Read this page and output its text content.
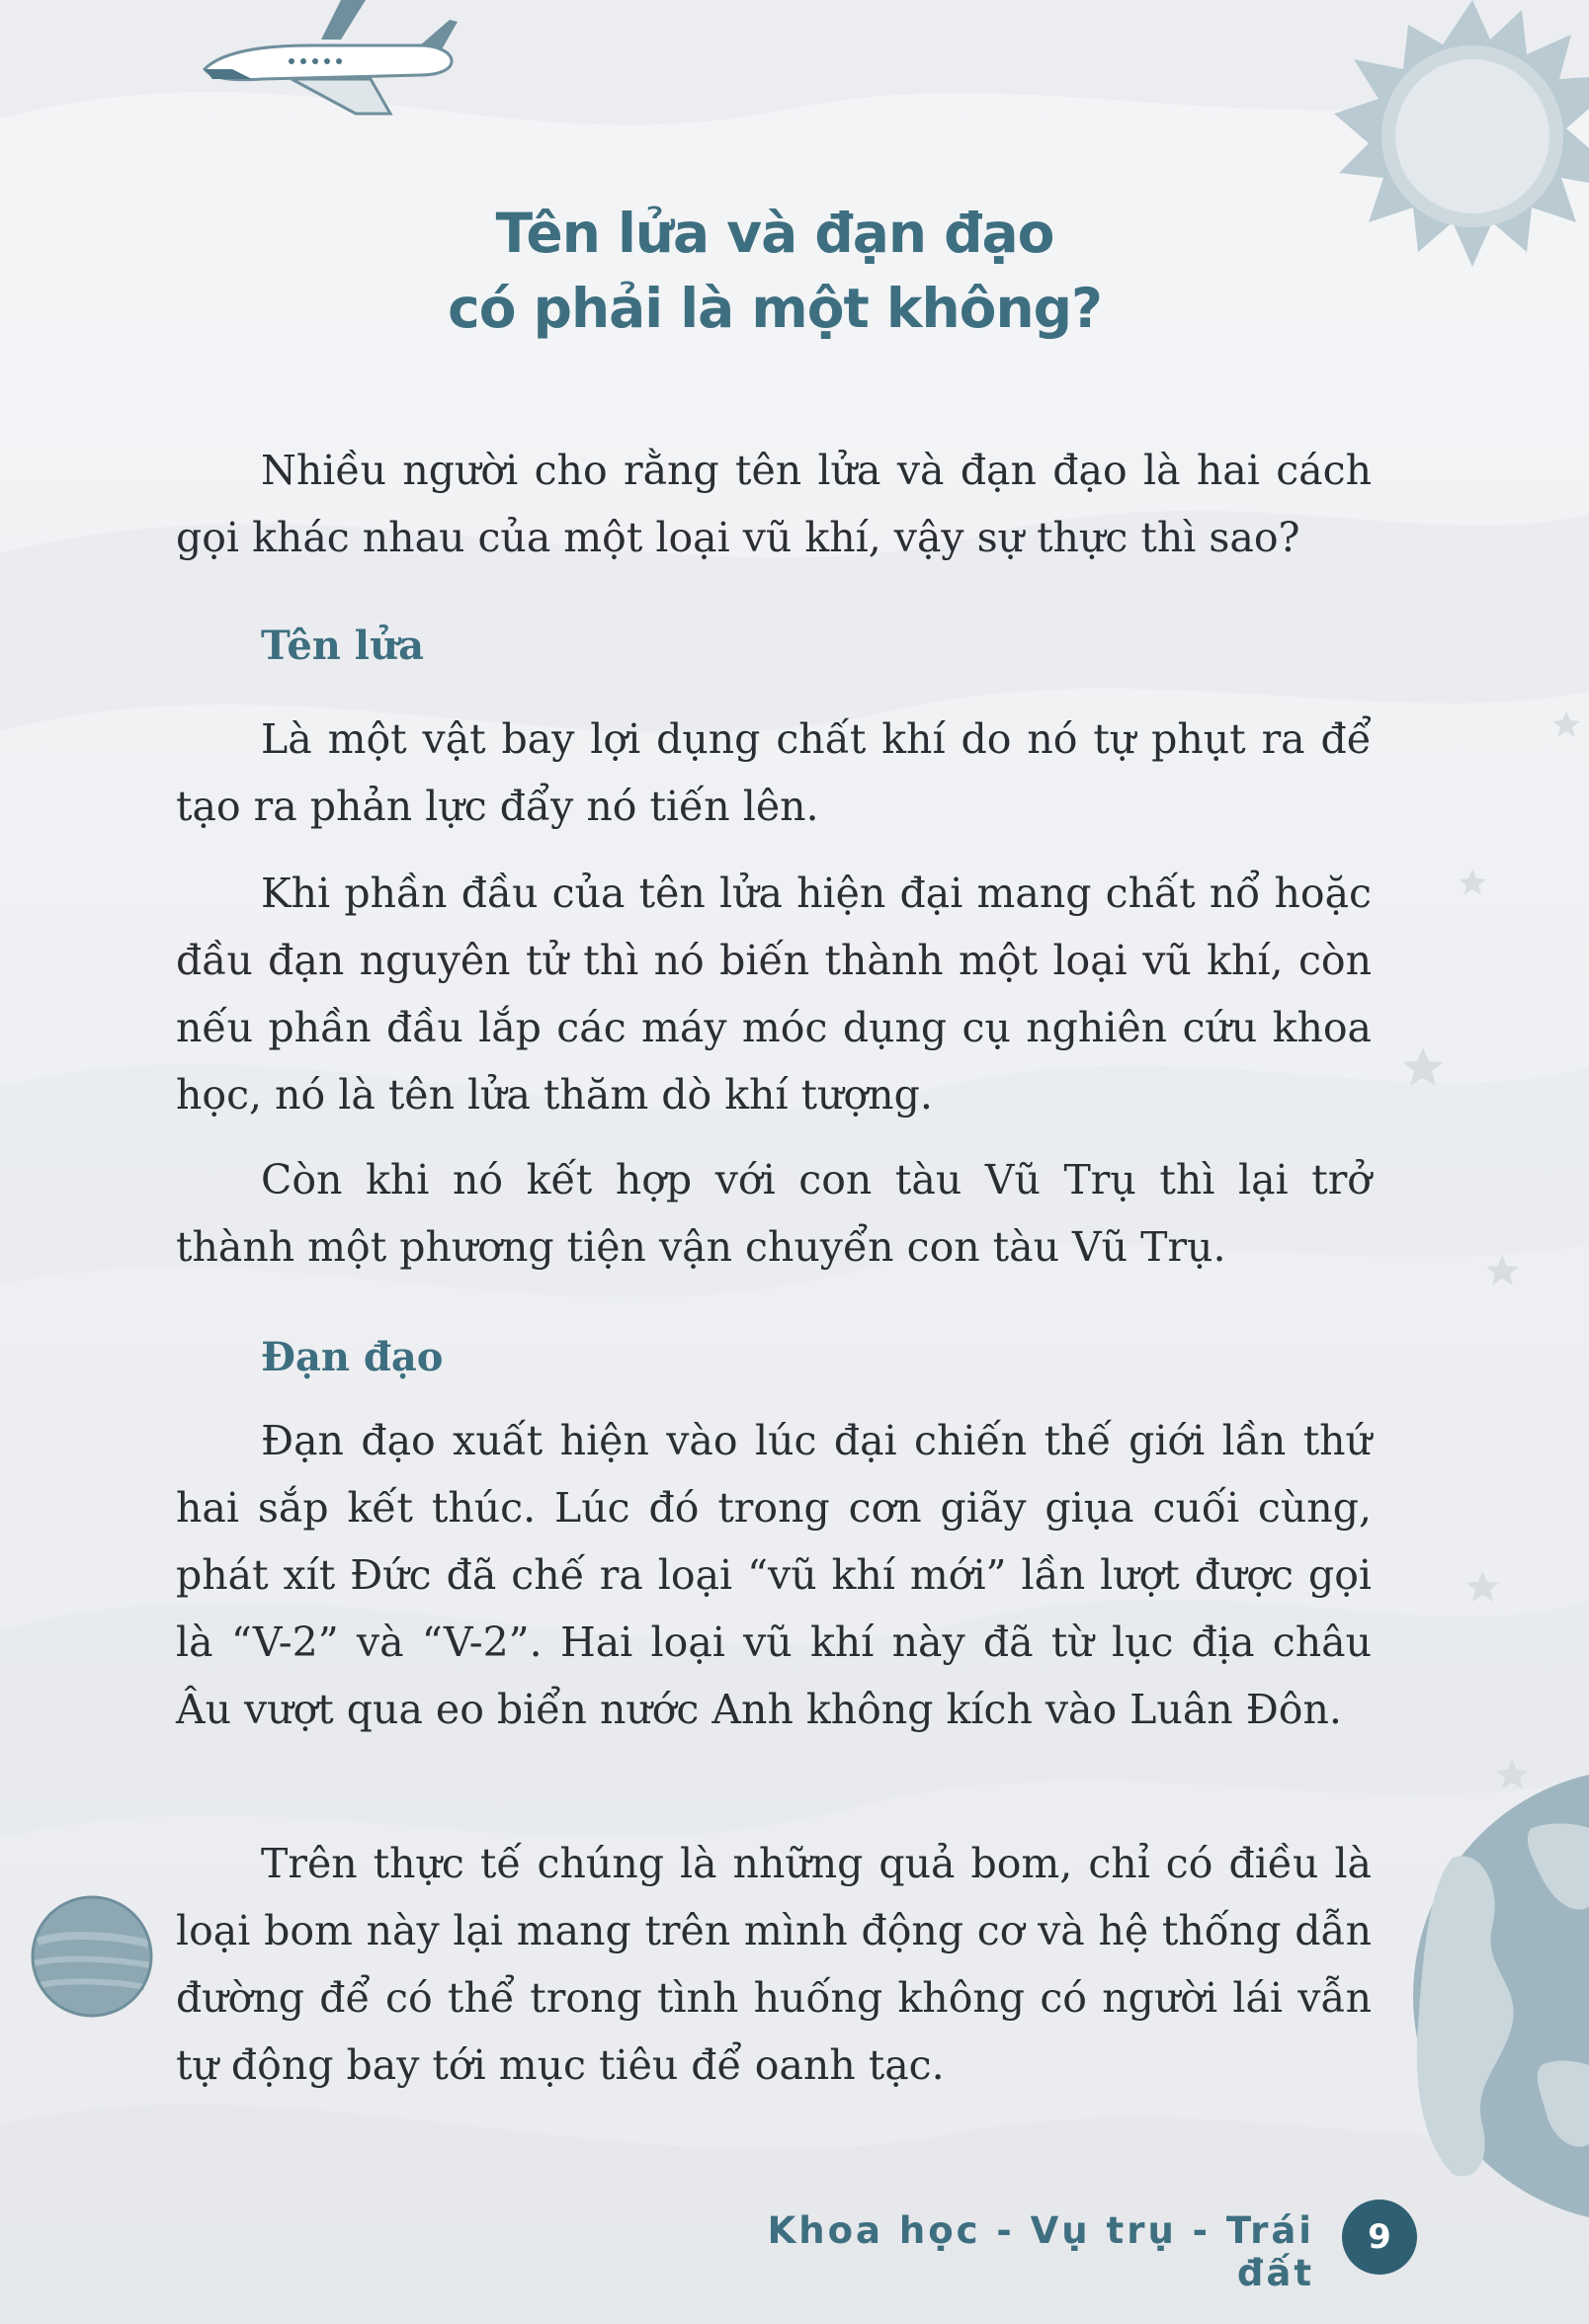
Tên lửa và đạn đạo
có phải là một không?

Nhiều người cho rằng tên lửa và đạn đạo là hai cách gọi khác nhau của một loại vũ khí, vậy sự thực thì sao?

Tên lửa

Là một vật bay lợi dụng chất khí do nó tự phụt ra để tạo ra phản lực đẩy nó tiến lên.

Khi phần đầu của tên lửa hiện đại mang chất nổ hoặc đầu đạn nguyên tử thì nó biến thành một loại vũ khí, còn nếu phần đầu lắp các máy móc dụng cụ nghiên cứu khoa học, nó là tên lửa thăm dò khí tượng.

Còn khi nó kết hợp với con tàu Vũ Trụ thì lại trở thành một phương tiện vận chuyển con tàu Vũ Trụ.

Đạn đạo

Đạn đạo xuất hiện vào lúc đại chiến thế giới lần thứ hai sắp kết thúc. Lúc đó trong cơn giãy giụa cuối cùng, phát xít Đức đã chế ra loại “vũ khí mới” lần lượt được gọi là “V-2” và “V-2”. Hai loại vũ khí này đã từ lục địa châu Âu vượt qua eo biển nước Anh không kích vào Luân Đôn.

Trên thực tế chúng là những quả bom, chỉ có điều là loại bom này lại mang trên mình động cơ và hệ thống dẫn đường để có thể trong tình huống không có người lái vẫn tự động bay tới mục tiêu để oanh tạc.

Khoa học - Vụ trụ - Trái đất
9
